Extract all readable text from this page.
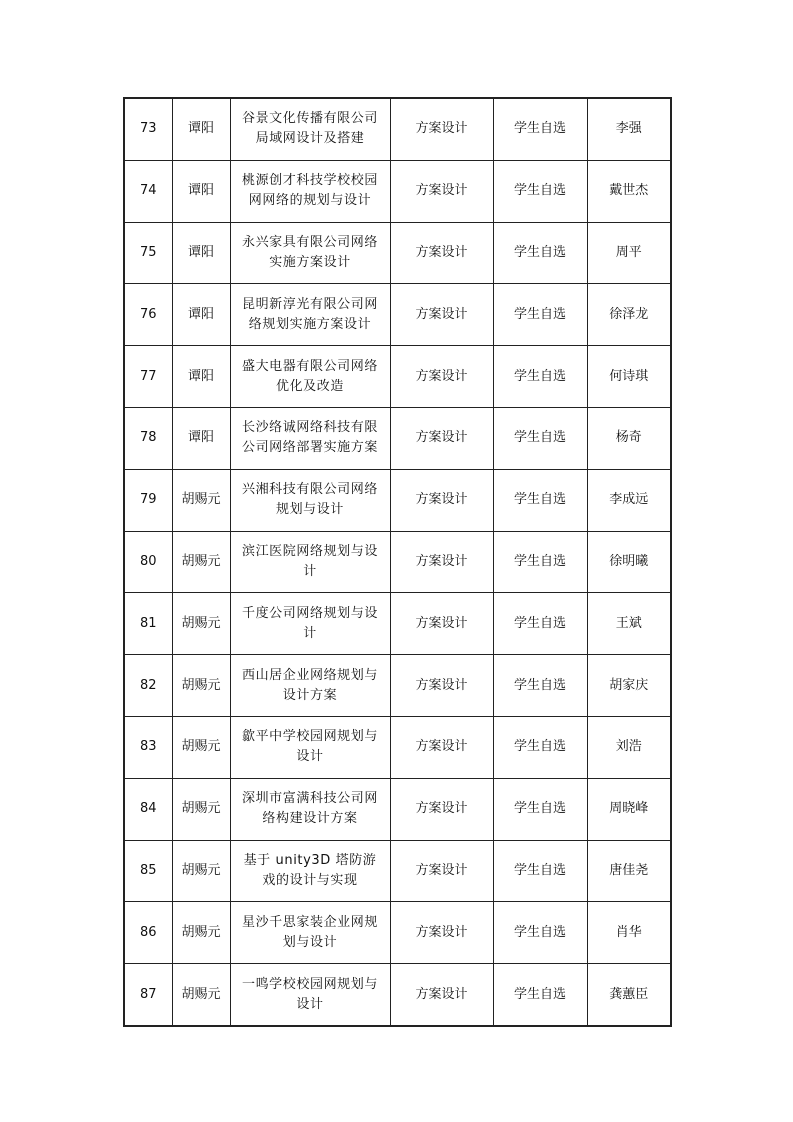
73	谭阳	谷景文化传播有限公司局域网设计及搭建	方案设计	学生自选	李强
74	谭阳	桃源创才科技学校校园网网络的规划与设计	方案设计	学生自选	戴世杰
75	谭阳	永兴家具有限公司网络实施方案设计	方案设计	学生自选	周平
76	谭阳	昆明新淳光有限公司网络规划实施方案设计	方案设计	学生自选	徐泽龙
77	谭阳	盛大电器有限公司网络优化及改造	方案设计	学生自选	何诗琪
78	谭阳	长沙络诚网络科技有限公司网络部署实施方案	方案设计	学生自选	杨奇
79	胡赐元	兴湘科技有限公司网络规划与设计	方案设计	学生自选	李成远
80	胡赐元	滨江医院网络规划与设计	方案设计	学生自选	徐明曦
81	胡赐元	千度公司网络规划与设计	方案设计	学生自选	王斌
82	胡赐元	西山居企业网络规划与设计方案	方案设计	学生自选	胡家庆
83	胡赐元	歙平中学校园网规划与设计	方案设计	学生自选	刘浩
84	胡赐元	深圳市富满科技公司网络构建设计方案	方案设计	学生自选	周晓峰
85	胡赐元	基于 unity3D 塔防游戏的设计与实现	方案设计	学生自选	唐佳尧
86	胡赐元	星沙千思家装企业网规划与设计	方案设计	学生自选	肖华
87	胡赐元	一鸣学校校园网规划与设计	方案设计	学生自选	龚蕙臣
